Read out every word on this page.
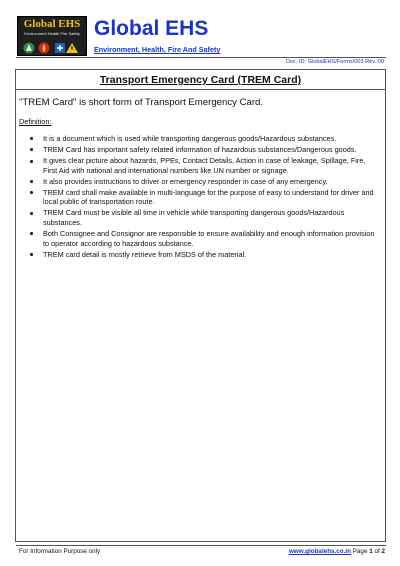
Global EHS
Environment Health Fire Safety Global EHS
Environment, Health, Fire And Safety
Doc. ID: GlobalEHS/Forms/003 Rev.:00
Transport Emergency Card (TREM Card)
"TREM Card" is short form of Transport Emergency Card.
Definition:
It is a document which is used while transporting dangerous goods/Hazardous substances.
TREM Card has important safety related information of hazardous substances/Dangerous goods.
It gives clear picture about hazards, PPEs, Contact Details, Action in case of leakage, Spillage, Fire, First Aid with national and international numbers like UN number or signage.
It also provides instructions to driver or emergency responder in case of any emergency.
TREM card shall make available in multi-language for the purpose of easy to understand for driver and local public of transportation route.
TREM Card must be visible all time in vehicle while transporting dangerous goods/Hazardous substances.
Both Consignee and Consignor are responsible to ensure availability and enough information provision to operator according to hazardous substance.
TREM card detail is mostly retrieve from MSDS of the material.
For Information Purpose only	www.globalehs.co.in Page 1 of 2
